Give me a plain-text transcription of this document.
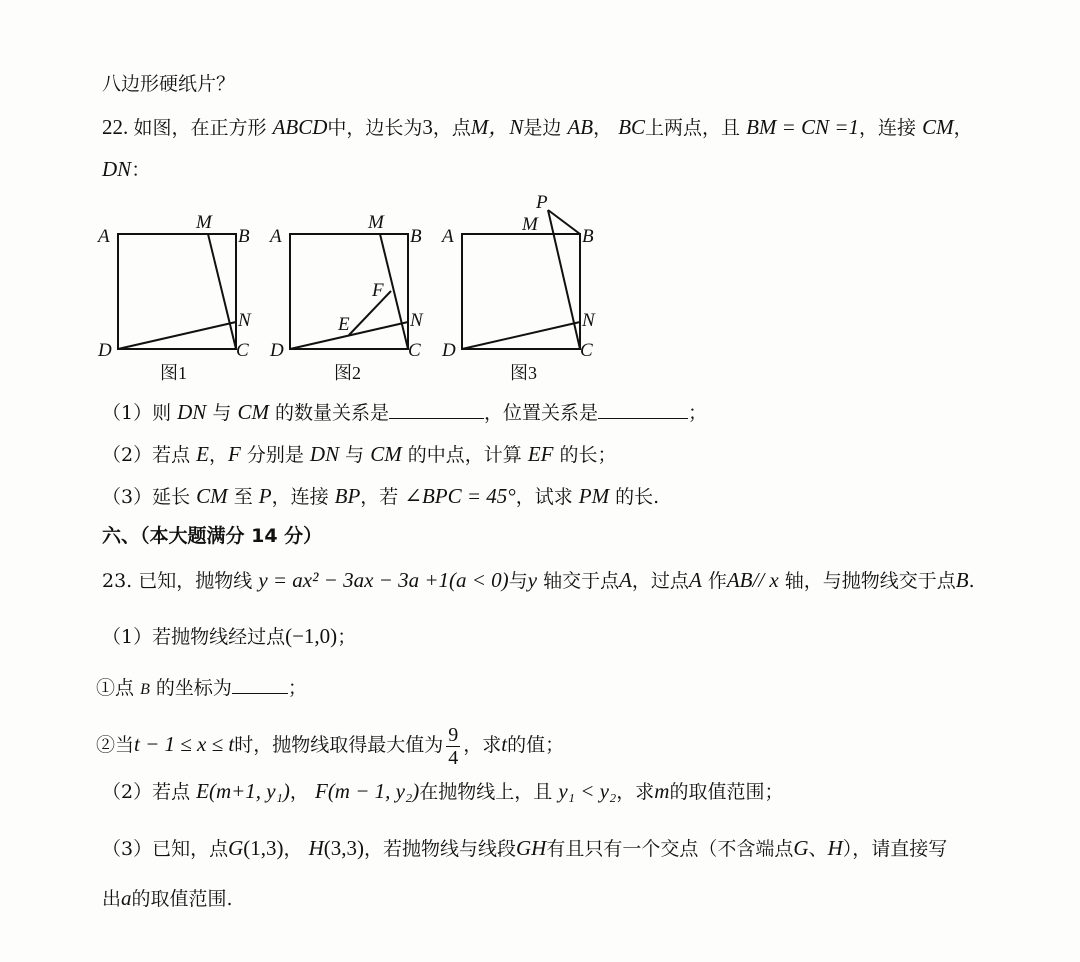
八边形硬纸片？
22. 如图，在正方形 ABCD中，边长为3，点M，N是边 AB， BC上两点，且 BM = CN =1，连接 CM，
DN：
A
M
B
N
D	C
A
M
B
F
E	N
D	C
A
P
M
B
N
D	C
图1	图2	图3
（1）则 DN 与 CM 的数量关系是	，位置关系是	；
（2）若点 E，F 分别是 DN 与 CM 的中点，计算 EF 的长；
（3）延长 CM 至 P，连接 BP，若 ∠BPC = 45°，试求 PM 的长.
六、（本大题满分 14 分）
23. 已知，抛物线 y = ax² − 3ax − 3a +1(a < 0)与y 轴交于点A，过点A 作AB// x 轴，与抛物线交于点B.
（1）若抛物线经过点(−1,0)；
①点 B 的坐标为	；
②当t − 1 ≤ x ≤ t时，抛物线取得最大值为 $\frac{9}{4}$ ，求t的值；
（2）若点 E(m+1, y₁)， F(m − 1, y₂)在抛物线上，且 y₁ < y₂，求m的取值范围；
（3）已知，点G(1,3)， H(3,3)，若抛物线与线段GH有且只有一个交点（不含端点G、H），请直接写
出a的取值范围.
